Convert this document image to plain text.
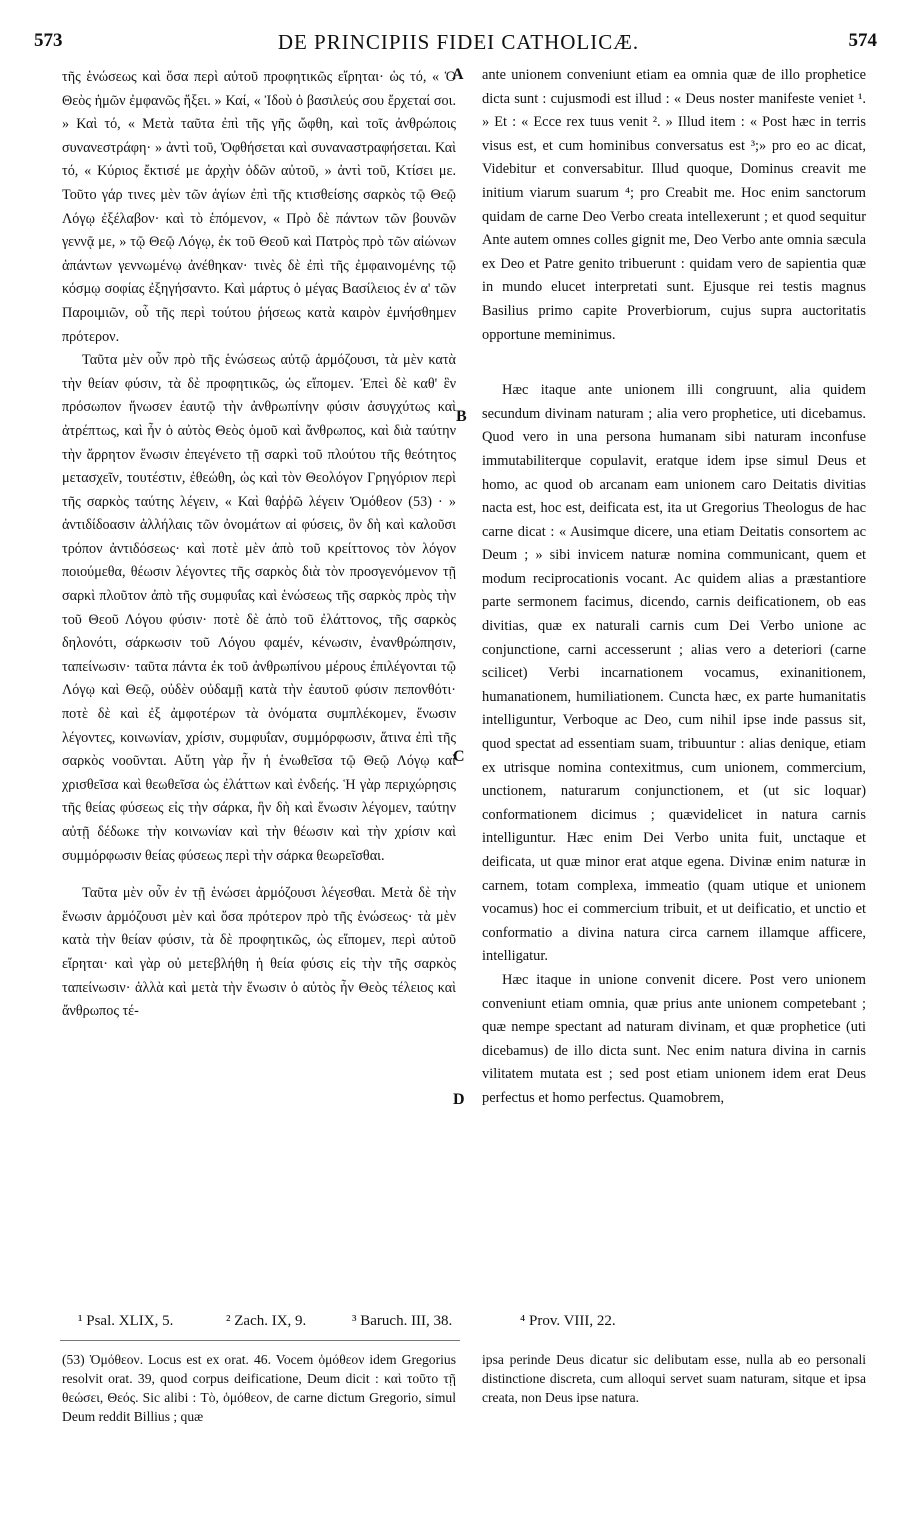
573	DE PRINCIPIIS FIDEI CATHOLICÆ.	574

τῆς ἑνώσεως καὶ ὅσα περὶ αὐτοῦ προφητικῶς εἴρηται· ὡς τό, « Ὁ Θεὸς ἡμῶν ἐμφανῶς ἥξει. » Καί, « Ἰδοὺ ὁ βασιλεύς σου ἔρχεταί σοι. » Καὶ τό, « Μετὰ ταῦτα ἐπὶ τῆς γῆς ὤφθη, καὶ τοῖς ἀνθρώποις συνανεστράφη· » ἀντὶ τοῦ, Ὀφθήσεται καὶ συναναστραφήσεται. Καὶ τό, « Κύριος ἔκτισέ με ἀρχὴν ὁδῶν αὐτοῦ, » ἀντὶ τοῦ, Κτίσει με. Τοῦτο γάρ τινες μὲν τῶν ἁγίων ἐπὶ τῆς κτισθείσης σαρκὸς τῷ Θεῷ Λόγῳ ἐξέλαβον· καὶ τὸ ἑπόμενον, « Πρὸ δὲ πάντων τῶν βουνῶν γεννᾷ με, » τῷ Θεῷ Λόγῳ, ἐκ τοῦ Θεοῦ καὶ Πατρὸς πρὸ τῶν αἰώνων ἁπάντων γεννωμένῳ ἀνέθηκαν· τινὲς δὲ ἐπὶ τῆς ἐμφαινομένης τῷ κόσμῳ σοφίας ἐξηγήσαντο. Καὶ μάρτυς ὁ μέγας Βασίλειος ἐν α' τῶν Παροιμιῶν, οὗ τῆς περὶ τούτου ῥήσεως κατὰ καιρὸν ἐμνήσθημεν πρότερον.

Ταῦτα μὲν οὖν πρὸ τῆς ἑνώσεως αὐτῷ ἁρμόζουσι, τὰ μὲν κατὰ τὴν θείαν φύσιν, τὰ δὲ προφητικῶς, ὡς εἴπομεν. Ἐπεὶ δὲ καθ' ἓν πρόσωπον ἥνωσεν ἑαυτῷ τὴν ἀνθρωπίνην φύσιν ἀσυγχύτως καὶ ἀτρέπτως, καὶ ἦν ὁ αὐτὸς Θεὸς ὁμοῦ καὶ ἄνθρωπος, καὶ διὰ ταύτην τὴν ἄρρητον ἕνωσιν ἐπεγένετο τῇ σαρκὶ τοῦ πλούτου τῆς θεότητος μετασχεῖν, τουτέστιν, ἐθεώθη, ὡς καὶ τὸν Θεολόγον Γρηγόριον περὶ τῆς σαρκὸς ταύτης λέγειν, « Καὶ θαῤῥῶ λέγειν Ὁμόθεον (53) · » ἀντιδίδοασιν ἀλλήλαις τῶν ὀνομάτων αἱ φύσεις, ὃν δὴ καὶ καλοῦσι τρόπον ἀντιδόσεως· καὶ ποτὲ μὲν ἀπὸ τοῦ κρείττονος τὸν λόγον ποιούμεθα, θέωσιν λέγοντες τῆς σαρκὸς διὰ τὸν προσγενόμενον τῇ σαρκὶ πλοῦτον ἀπὸ τῆς συμφυΐας καὶ ἑνώσεως τῆς σαρκὸς πρὸς τὴν τοῦ Θεοῦ Λόγου φύσιν· ποτὲ δὲ ἀπὸ τοῦ ἐλάττονος, τῆς σαρκὸς δηλονότι, σάρκωσιν τοῦ Λόγου φαμέν, κένωσιν, ἐνανθρώπησιν, ταπείνωσιν· ταῦτα πάντα ἐκ τοῦ ἀνθρωπίνου μέρους ἐπιλέγονται τῷ Λόγῳ καὶ Θεῷ, οὐδὲν οὐδαμῇ κατὰ τὴν ἑαυτοῦ φύσιν πεπονθότι· ποτὲ δὲ καὶ ἐξ ἀμφοτέρων τὰ ὀνόματα συμπλέκομεν, ἕνωσιν λέγοντες, κοινωνίαν, χρίσιν, συμφυΐαν, συμμόρφωσιν, ἅτινα ἐπὶ τῆς σαρκὸς νοοῦνται. Αὕτη γὰρ ἦν ἡ ἑνωθεῖσα τῷ Θεῷ Λόγῳ καὶ χρισθεῖσα καὶ θεωθεῖσα ὡς ἐλάττων καὶ ἐνδεής. Ἡ γὰρ περιχώρησις τῆς θείας φύσεως εἰς τὴν σάρκα, ἣν δὴ καὶ ἕνωσιν λέγομεν, ταύτην αὐτῇ δέδωκε τὴν κοινωνίαν καὶ τὴν θέωσιν καὶ τὴν χρίσιν καὶ συμμόρφωσιν θείας φύσεως περὶ τὴν σάρκα θεωρεῖσθαι.

Ταῦτα μὲν οὖν ἐν τῇ ἑνώσει ἁρμόζουσι λέγεσθαι. Μετὰ δὲ τὴν ἕνωσιν ἁρμόζουσι μὲν καὶ ὅσα πρότερον πρὸ τῆς ἑνώσεως· τὰ μὲν κατὰ τὴν θείαν φύσιν, τὰ δὲ προφητικῶς, ὡς εἴπομεν, περὶ αὐτοῦ εἴρηται· καὶ γὰρ οὐ μετεβλήθη ἡ θεία φύσις εἰς τὴν τῆς σαρκὸς ταπείνωσιν· ἀλλὰ καὶ μετὰ τὴν ἕνωσιν ὁ αὐτὸς ἦν Θεὸς τέλειος καὶ ἄνθρωπος τέ-

ante unionem conveniunt etiam ea omnia quæ de illo prophetice dicta sunt : cujusmodi est illud : « Deus noster manifeste veniet ¹. » Et : « Ecce rex tuus venit ². » Illud item : « Post hæc in terris visus est, et cum hominibus conversatus est ³;» pro eo ac dicat, Videbitur et conversabitur. Illud quoque, Dominus creavit me initium viarum suarum ⁴; pro Creabit me. Hoc enim sanctorum quidam de carne Deo Verbo creata intellexerunt ; et quod sequitur Ante autem omnes colles gignit me, Deo Verbo ante omnia sæcula ex Deo et Patre genito tribuerunt : quidam vero de sapientia quæ in mundo elucet interpretati sunt. Ejusque rei testis magnus Basilius primo capite Proverbiorum, cujus supra auctoritatis opportune meminimus.

Hæc itaque ante unionem illi congruunt, alia quidem secundum divinam naturam ; alia vero prophetice, uti dicebamus. Quod vero in una persona humanam sibi naturam inconfuse immutabiliterque copulavit, eratque idem ipse simul Deus et homo, ac quod ob arcanam eam unionem caro Deitatis divitias nacta est, hoc est, deificata est, ita ut Gregorius Theologus de hac carne dicat : « Ausimque dicere, una etiam Deitatis consortem ac Deum ; » sibi invicem naturæ nomina communicant, quem et modum reciprocationis vocant. Ac quidem alias a præstantiore parte sermonem facimus, dicendo, carnis deificationem, ob eas divitias, quæ ex naturali carnis cum Dei Verbo unione ac conjunctione, carni accesserunt ; alias vero a deteriori (carne scilicet) Verbi incarnationem vocamus, exinanitionem, humanationem, humiliationem. Cuncta hæc, ex parte humanitatis intelliguntur, Verboque ac Deo, cum nihil ipse inde passus sit, quod spectat ad essentiam suam, tribuuntur : alias denique, etiam ex utrisque nomina contexitmus, cum unionem, commercium, unctionem, naturarum conjunctionem, et (ut sic loquar) conformationem dicimus ; quævidelicet in natura carnis intelliguntur. Hæc enim Dei Verbo unita fuit, unctaque et deificata, ut quæ minor erat atque egena. Divinæ enim naturæ in carnem, totam complexa, immeatio (quam utique et unionem vocamus) hoc ei commercium tribuit, et ut deificatio, et unctio et conformatio a divina natura circa carnem illamque afficere, intelligatur.

Hæc itaque in unione convenit dicere. Post vero unionem conveniunt etiam omnia, quæ prius ante unionem competebant ; quæ nempe spectant ad naturam divinam, et quæ prophetice (uti dicebamus) de illo dicta sunt. Nec enim natura divina in carnis vilitatem mutata est ; sed post etiam unionem idem erat Deus perfectus et homo perfectus. Quamobrem,

A
B
C
D
¹ Psal. XLIX, 5.	² Zach. IX, 9.	³ Baruch. III, 38.	⁴ Prov. VIII, 22.
(53) Ὁμόθεον. Locus est ex orat. 46. Vocem ὁμόθεον idem Gregorius resolvit orat. 39, quod corpus deificatione, Deum dicit : καὶ τοῦτο τῇ θεώσει, Θεός. Sic alibi : Τὸ, ὁμόθεον, de carne dictum Gregorio, simul Deum reddit Billius ; quæ
ipsa perinde Deus dicatur sic delibutam esse, nulla ab eo personali distinctione discreta, cum alloqui servet suam naturam, sitque et ipsa creata, non Deus ipse natura.
